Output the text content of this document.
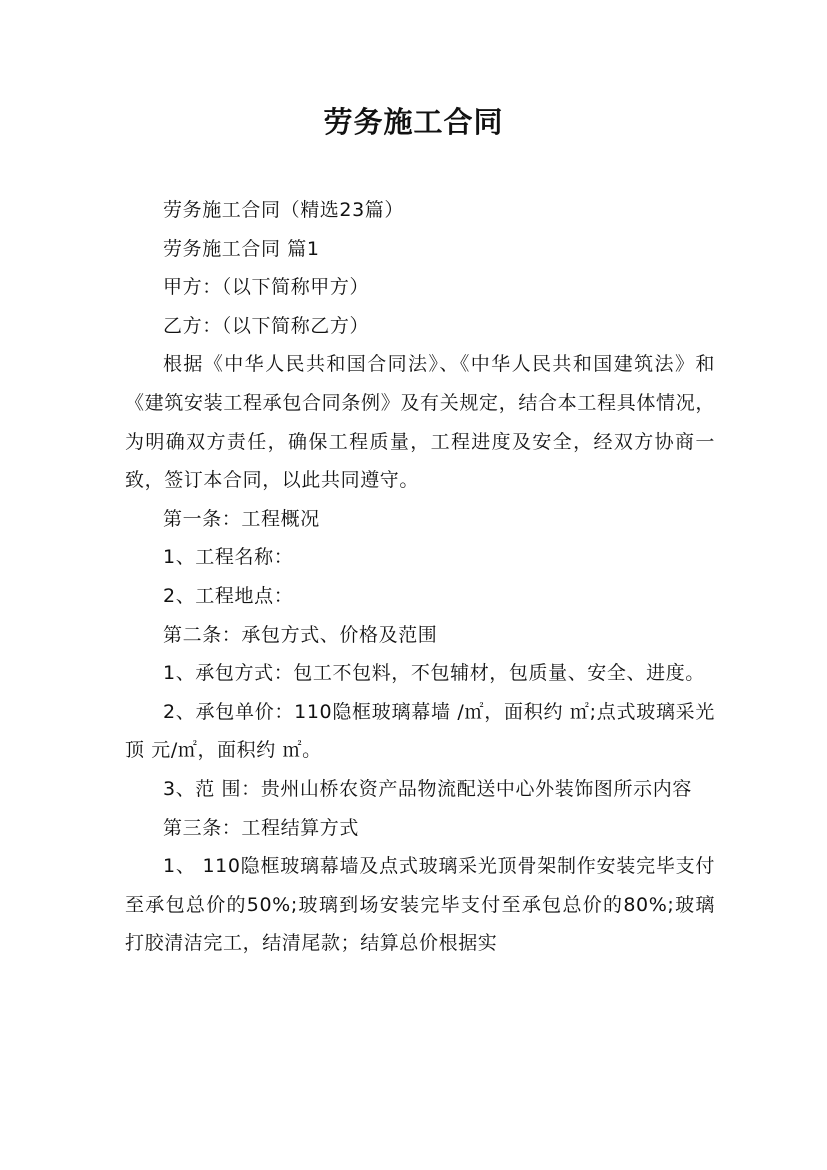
劳务施工合同

劳务施工合同（精选23篇）

劳务施工合同 篇1

甲方：（以下简称甲方）

乙方：（以下简称乙方）

根据《中华人民共和国合同法》、《中华人民共和国建筑法》和《建筑安装工程承包合同条例》及有关规定，结合本工程具体情况，为明确双方责任，确保工程质量，工程进度及安全，经双方协商一致，签订本合同，以此共同遵守。

第一条：工程概况

1、工程名称：

2、工程地点：

第二条：承包方式、价格及范围

1、承包方式：包工不包料，不包辅材，包质量、安全、进度。

2、承包单价：110隐框玻璃幕墙 /㎡，面积约 ㎡;点式玻璃采光顶 元/㎡，面积约 ㎡。

3、范 围：贵州山桥农资产品物流配送中心外装饰图所示内容

第三条：工程结算方式

1、 110隐框玻璃幕墙及点式玻璃采光顶骨架制作安装完毕支付至承包总价的50%;玻璃到场安装完毕支付至承包总价的80%;玻璃打胶清洁完工，结清尾款；结算总价根据实
